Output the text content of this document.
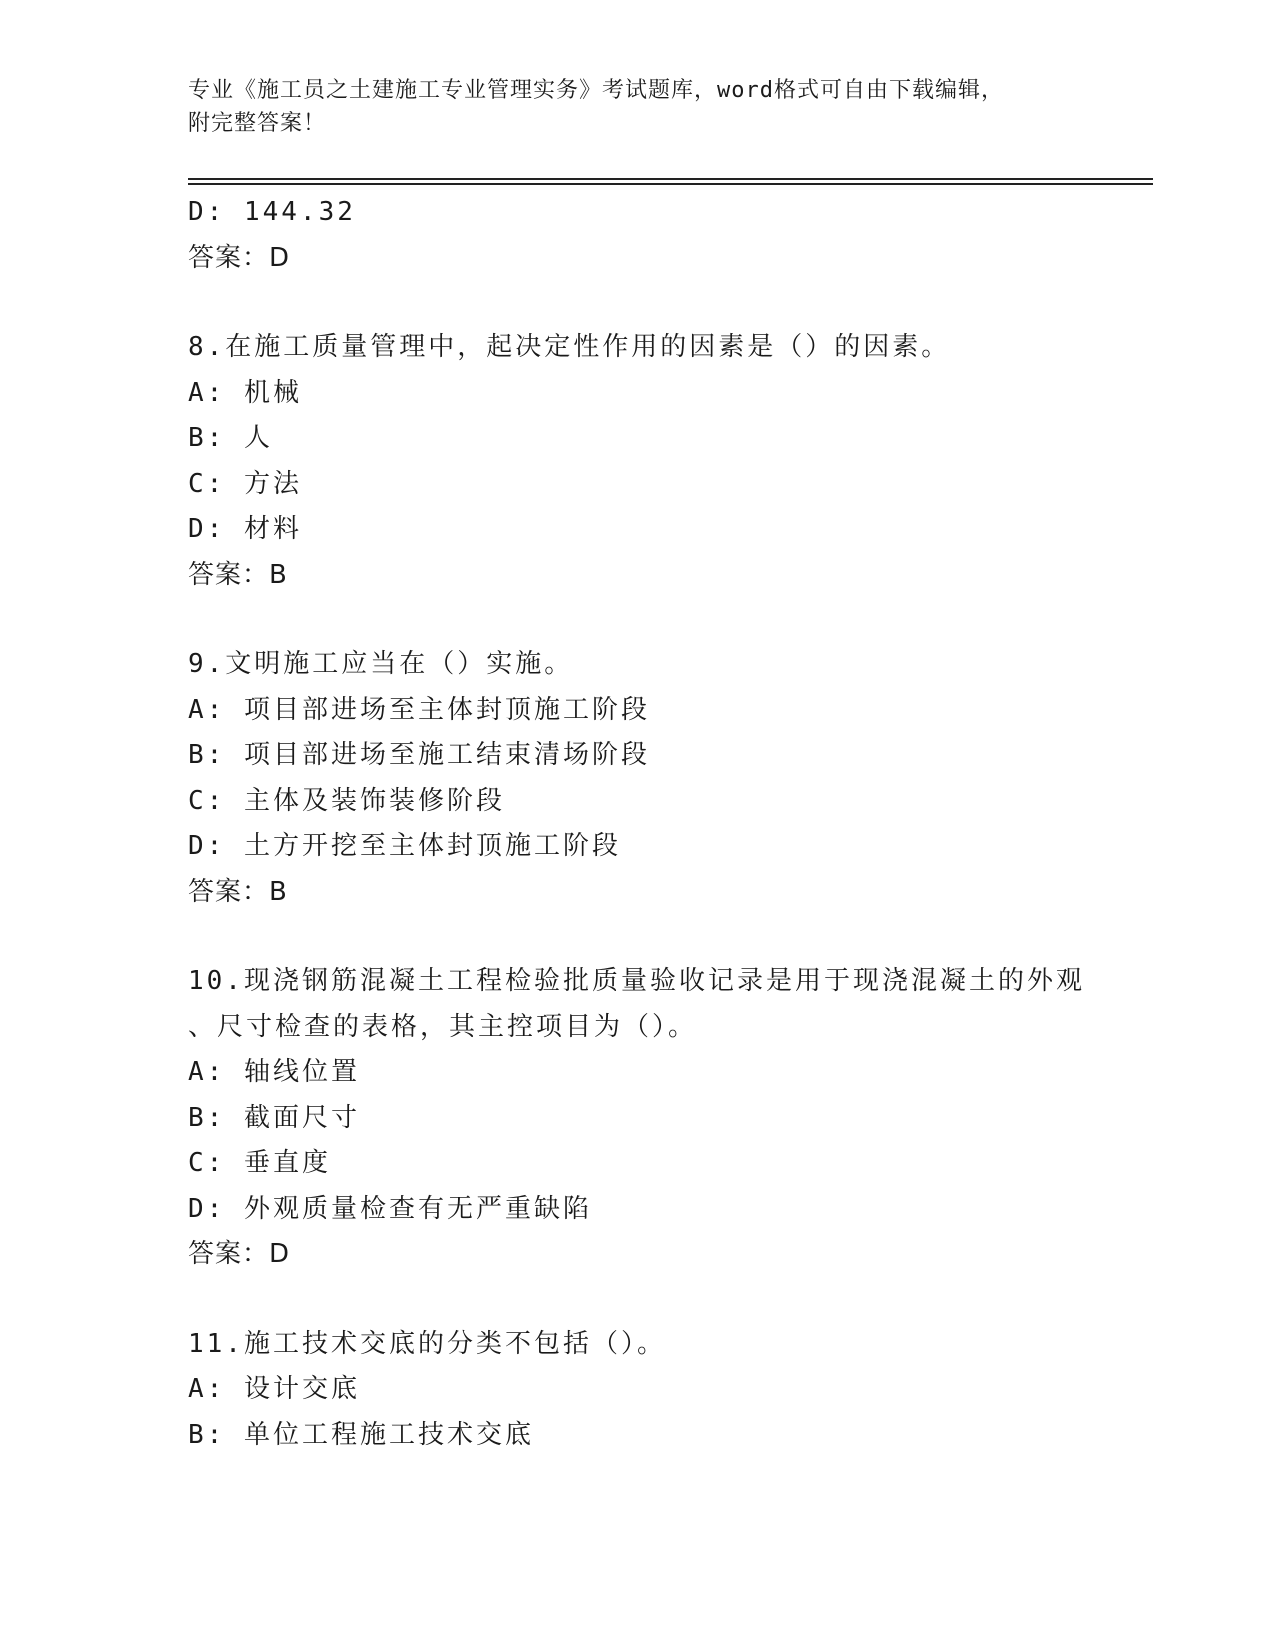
专业《施工员之土建施工专业管理实务》考试题库，word格式可自由下载编辑，
附完整答案！
D: 144.32
答案：D
8.在施工质量管理中，起决定性作用的因素是（）的因素。
A: 机械
B: 人
C: 方法
D: 材料
答案：B
9.文明施工应当在（）实施。
A: 项目部进场至主体封顶施工阶段
B: 项目部进场至施工结束清场阶段
C: 主体及装饰装修阶段
D: 土方开挖至主体封顶施工阶段
答案：B
10.现浇钢筋混凝土工程检验批质量验收记录是用于现浇混凝土的外观
、尺寸检查的表格，其主控项目为（）。
A: 轴线位置
B: 截面尺寸
C: 垂直度
D: 外观质量检查有无严重缺陷
答案：D
11.施工技术交底的分类不包括（）。
A: 设计交底
B: 单位工程施工技术交底
